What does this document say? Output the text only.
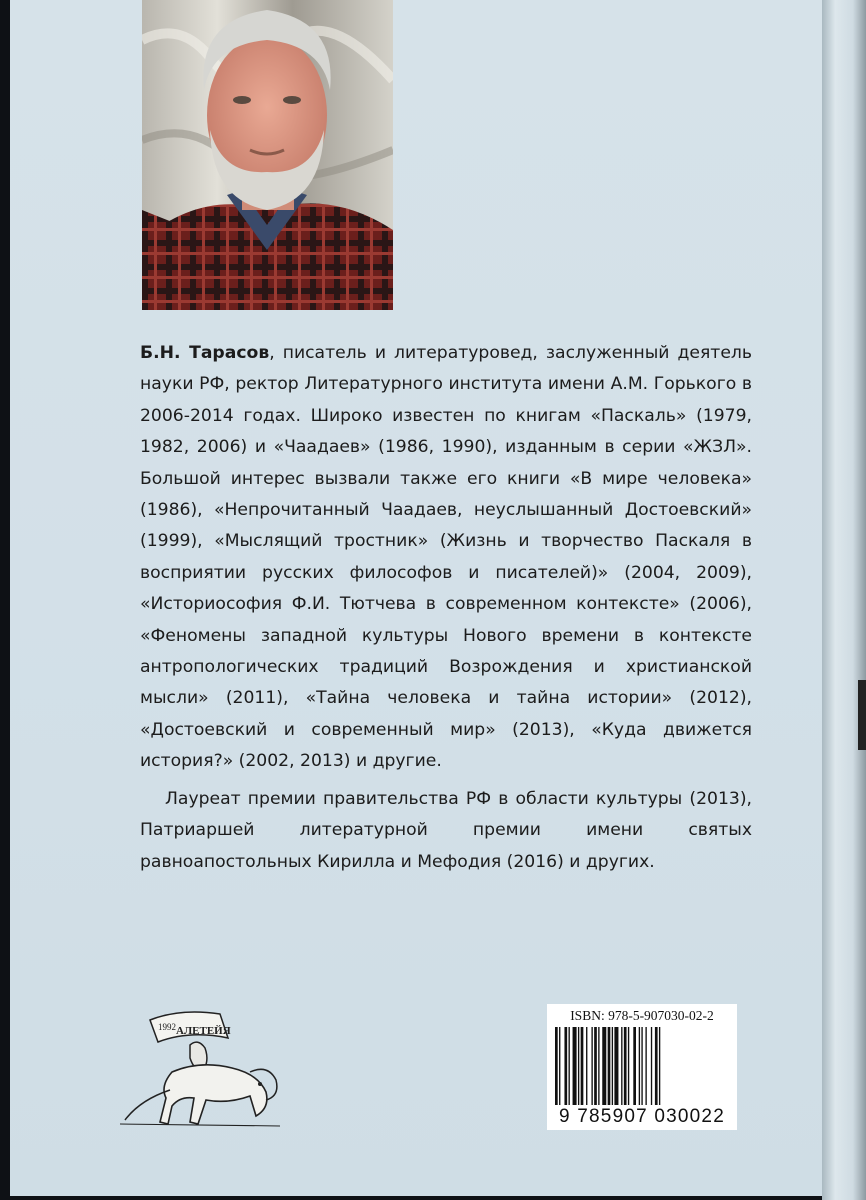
Б.Н. Тарасов, писатель и литературовед, заслуженный деятель науки РФ, ректор Литературного института имени А.М. Горького в 2006-2014 годах. Широко известен по книгам «Паскаль» (1979, 1982, 2006) и «Чаадаев» (1986, 1990), изданным в серии «ЖЗЛ». Большой интерес вызвали также его книги «В мире человека» (1986), «Непрочитанный Чаадаев, неуслышанный Достоевский» (1999), «Мыслящий тростник» (Жизнь и творчество Паскаля в восприятии русских философов и писателей)» (2004, 2009), «Историософия Ф.И. Тютчева в современном контексте» (2006), «Феномены западной культуры Нового времени в контексте антропологических традиций Возрождения и христианской мысли» (2011), «Тайна человека и тайна истории» (2012), «Достоевский и современный мир» (2013), «Куда движется история?» (2002, 2013) и другие.

Лауреат премии правительства РФ в области культуры (2013), Патриаршей литературной премии имени святых равноапостольных Кирилла и Мефодия (2016) и других.

1992 АЛЕТЕЙЯ
ISBN: 978-5-907030-02-2
9 785907 030022
